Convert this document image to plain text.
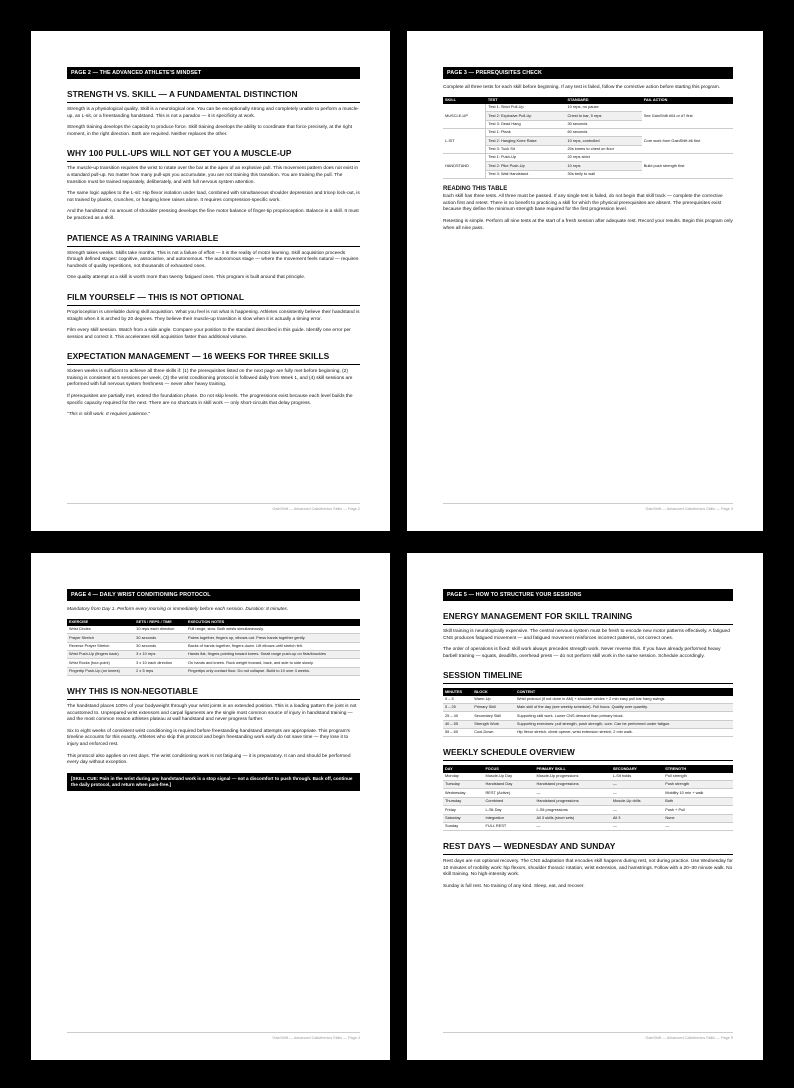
PAGE 2 — THE ADVANCED ATHLETE'S MINDSET
STRENGTH VS. SKILL — A FUNDAMENTAL DISTINCTION

Strength is a physiological quality. Skill is a neurological one. You can be exceptionally strong and completely unable to perform a muscle-up, an L-sit, or a freestanding handstand. This is not a paradox — it is specificity at work.

Strength training develops the capacity to produce force. Skill training develops the ability to coordinate that force precisely, at the right moment, in the right direction. Both are required. Neither replaces the other.

WHY 100 PULL-UPS WILL NOT GET YOU A MUSCLE-UP

The muscle-up transition requires the wrist to rotate over the bar at the apex of an explosive pull. This movement pattern does not exist in a standard pull-up. No matter how many pull-ups you accumulate, you are not training this transition. You are training the pull. The transition must be trained separately, deliberately, and with full nervous system attention.

The same logic applies to the L-sit: Hip flexor isolation under load, combined with simultaneous shoulder depression and tricep lock-out, is not trained by planks, crunches, or hanging knee raises alone. It requires compression-specific work.

And the handstand: no amount of shoulder pressing develops the fine motor balance of finger-tip proprioception. Balance is a skill. It must be practiced as a skill.

PATIENCE AS A TRAINING VARIABLE

Strength takes weeks. Skills take months. This is not a failure of effort — it is the reality of motor learning. Skill acquisition proceeds through defined stages: cognitive, associative, and autonomous. The autonomous stage — where the movement feels natural — requires hundreds of quality repetitions, not thousands of exhausted ones.

One quality attempt at a skill is worth more than twenty fatigued ones. This program is built around that principle.

FILM YOURSELF — THIS IS NOT OPTIONAL

Proprioception is unreliable during skill acquisition. What you feel is not what is happening. Athletes consistently believe their handstand is straight when it is arched by 20 degrees. They believe their muscle-up transition is slow when it is actually a timing error.

Film every skill session. Watch from a side angle. Compare your position to the standard described in this guide. Identify one error per session and correct it. This accelerates skill acquisition faster than additional volume.

EXPECTATION MANAGEMENT — 16 WEEKS FOR THREE SKILLS

Sixteen weeks is sufficient to achieve all three skills if: (1) the prerequisites listed on the next page are fully met before beginning, (2) training is consistent at 5 sessions per week, (3) the wrist conditioning protocol is followed daily from Week 1, and (4) skill sessions are performed with full nervous system freshness — never after heavy training.

If prerequisites are partially met, extend the foundation phase. Do not skip levels. The progressions exist because each level builds the specific capacity required for the next. There are no shortcuts in skill work — only short-circuits that delay progress.

"This is skill work. It requires patience."

GainShift — Advanced Calisthenics Skills — Page 2
PAGE 3 — PREREQUISITES CHECK

Complete all three tests for each skill before beginning. If any test is failed, follow the corrective action before starting this program.

SKILL	TEST	STANDARD	FAIL ACTION
MUSCLE-UP	Test 1: Strict Pull-Up	10 reps, no pause	See GainShift #04 or #7 first
	Test 2: Explosive Pull-Up	Chest to bar, 5 reps	
	Test 3: Dead Hang	30 seconds	
L-SIT	Test 1: Plank	60 seconds	Core work from GainShift #6 first
	Test 2: Hanging Knee Raise	10 reps, controlled	
	Test 3: Tuck Sit	20s knees to chest on floor	
HANDSTAND	Test 1: Push-Up	20 reps strict	Build push strength first
	Test 2: Pike Push-Up	10 reps	
	Test 3: Wall Handstand	30s belly to wall	
READING THIS TABLE

Each skill has three tests. All three must be passed. If any single test is failed, do not begin that skill track — complete the corrective action first and retest. There is no benefit to practicing a skill for which the physical prerequisites are absent. The prerequisites exist because they define the minimum strength base required for the first progression level.

Retesting is simple. Perform all nine tests at the start of a fresh session after adequate rest. Record your results. Begin this program only when all nine pass.

GainShift — Advanced Calisthenics Skills — Page 3
PAGE 4 — DAILY WRIST CONDITIONING PROTOCOL

Mandatory from Day 1. Perform every morning or immediately before each session. Duration: 8 minutes.

EXERCISE	SETS / REPS / TIME	EXECUTION NOTES
Wrist Circles	10 reps each direction	Full range, slow. Both wrists simultaneously.
Prayer Stretch	30 seconds	Palms together, fingers up, elbows out. Press hands together gently.
Reverse Prayer Stretch	30 seconds	Backs of hands together, fingers down. Lift elbows until stretch felt.
Wrist Push-Up (fingers back)	3 x 10 reps	Hands flat, fingers pointing toward knees. Small range push-up on fists/knuckles
Wrist Rocks (four-point)	3 x 10 each direction	On hands and knees. Rock weight forward, back, and side to side slowly.
Fingertip Push-Up (on knees)	2 x 5 reps	Fingertips only contact floor. Do not collapse. Build to 10 over 4 weeks.
WHY THIS IS NON-NEGOTIABLE

The handstand places 100% of your bodyweight through your wrist joints in an extended position. This is a loading pattern the joint is not accustomed to. Unprepared wrist extensors and carpal ligaments are the single most common source of injury in handstand training — and the most common reason athletes plateau at wall handstand and never progress further.

Six to eight weeks of consistent wrist conditioning is required before freestanding handstand attempts are appropriate. This program's timeline accounts for this exactly. Athletes who skip this protocol and begin freestanding work early do not save time — they lose it to injury and enforced rest.

This protocol also applies on rest days. The wrist conditioning work is not fatiguing — it is preparatory. It can and should be performed every day without exception.

[SKILL CUE: Pain in the wrist during any handstand work is a stop signal — not a discomfort to push through. Back off, continue the daily protocol, and return when pain-free.]
GainShift — Advanced Calisthenics Skills — Page 4
PAGE 5 — HOW TO STRUCTURE YOUR SESSIONS
ENERGY MANAGEMENT FOR SKILL TRAINING

Skill training is neurologically expensive. The central nervous system must be fresh to encode new motor patterns effectively. A fatigued CNS produces fatigued movement — and fatigued movement reinforces incorrect patterns, not correct ones.

The order of operations is fixed: skill work always precedes strength work. Never reverse this. If you have already performed heavy barbell training — squats, deadlifts, overhead press — do not perform skill work in the same session. Schedule accordingly.

SESSION TIMELINE
MINUTES	BLOCK	CONTENT
0 – 5	Warm-Up	Wrist protocol (if not done in AM) + shoulder circles + 2 min easy pull bar hang swings
5 – 25	Primary Skill	Main skill of the day (see weekly schedule). Full focus. Quality over quantity.
25 – 40	Secondary Skill	Supporting skill work. Lower CNS demand than primary block.
40 – 55	Strength Work	Supporting exercises: pull strength, push strength, core. Can be performed under fatigue.
55 – 60	Cool-Down	Hip flexor stretch, chest opener, wrist extension stretch, 2 min walk.
WEEKLY SCHEDULE OVERVIEW
DAY	FOCUS	PRIMARY SKILL	SECONDARY	STRENGTH
Monday	Muscle-Up Day	Muscle-Up progressions	L-Sit holds	Pull strength
Tuesday	Handstand Day	Handstand progressions	—	Push strength
Wednesday	REST (Active)	—	—	Mobility 10 min + walk
Thursday	Combined	Handstand progressions	Muscle-Up drills	Both
Friday	L-Sit Day	L-Sit progressions	—	Push + Pull
Saturday	Integration	All 3 skills (short sets)	All 3	None
Sunday	FULL REST	—	—	—
REST DAYS — WEDNESDAY AND SUNDAY

Rest days are not optional recovery. The CNS adaptation that encodes skill happens during rest, not during practice. Use Wednesday for 10 minutes of mobility work: hip flexors, shoulder thoracic rotation, wrist extension, and hamstrings. Follow with a 20–30 minute walk. No skill training. No high-intensity work.

Sunday is full rest. No training of any kind. Sleep, eat, and recover.

GainShift — Advanced Calisthenics Skills — Page 5
